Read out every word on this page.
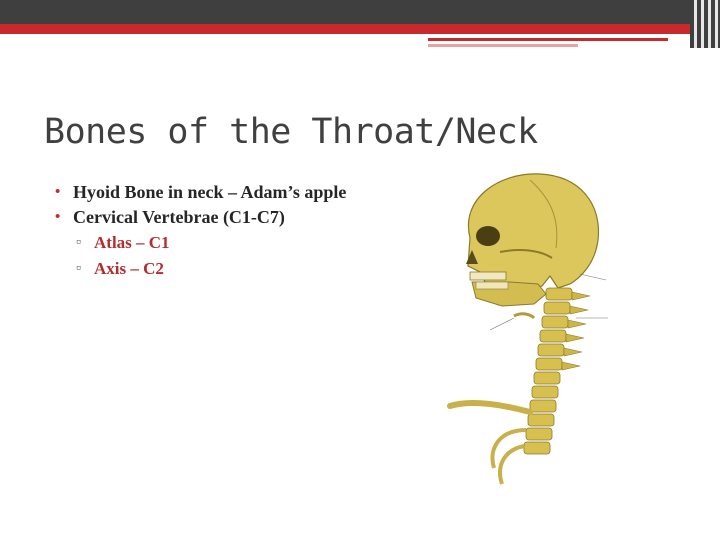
Bones of the Throat/Neck
• Hyoid Bone in neck – Adam’s apple
• Cervical Vertebrae (C1-C7)
▫ Atlas – C1
▫ Axis – C2
